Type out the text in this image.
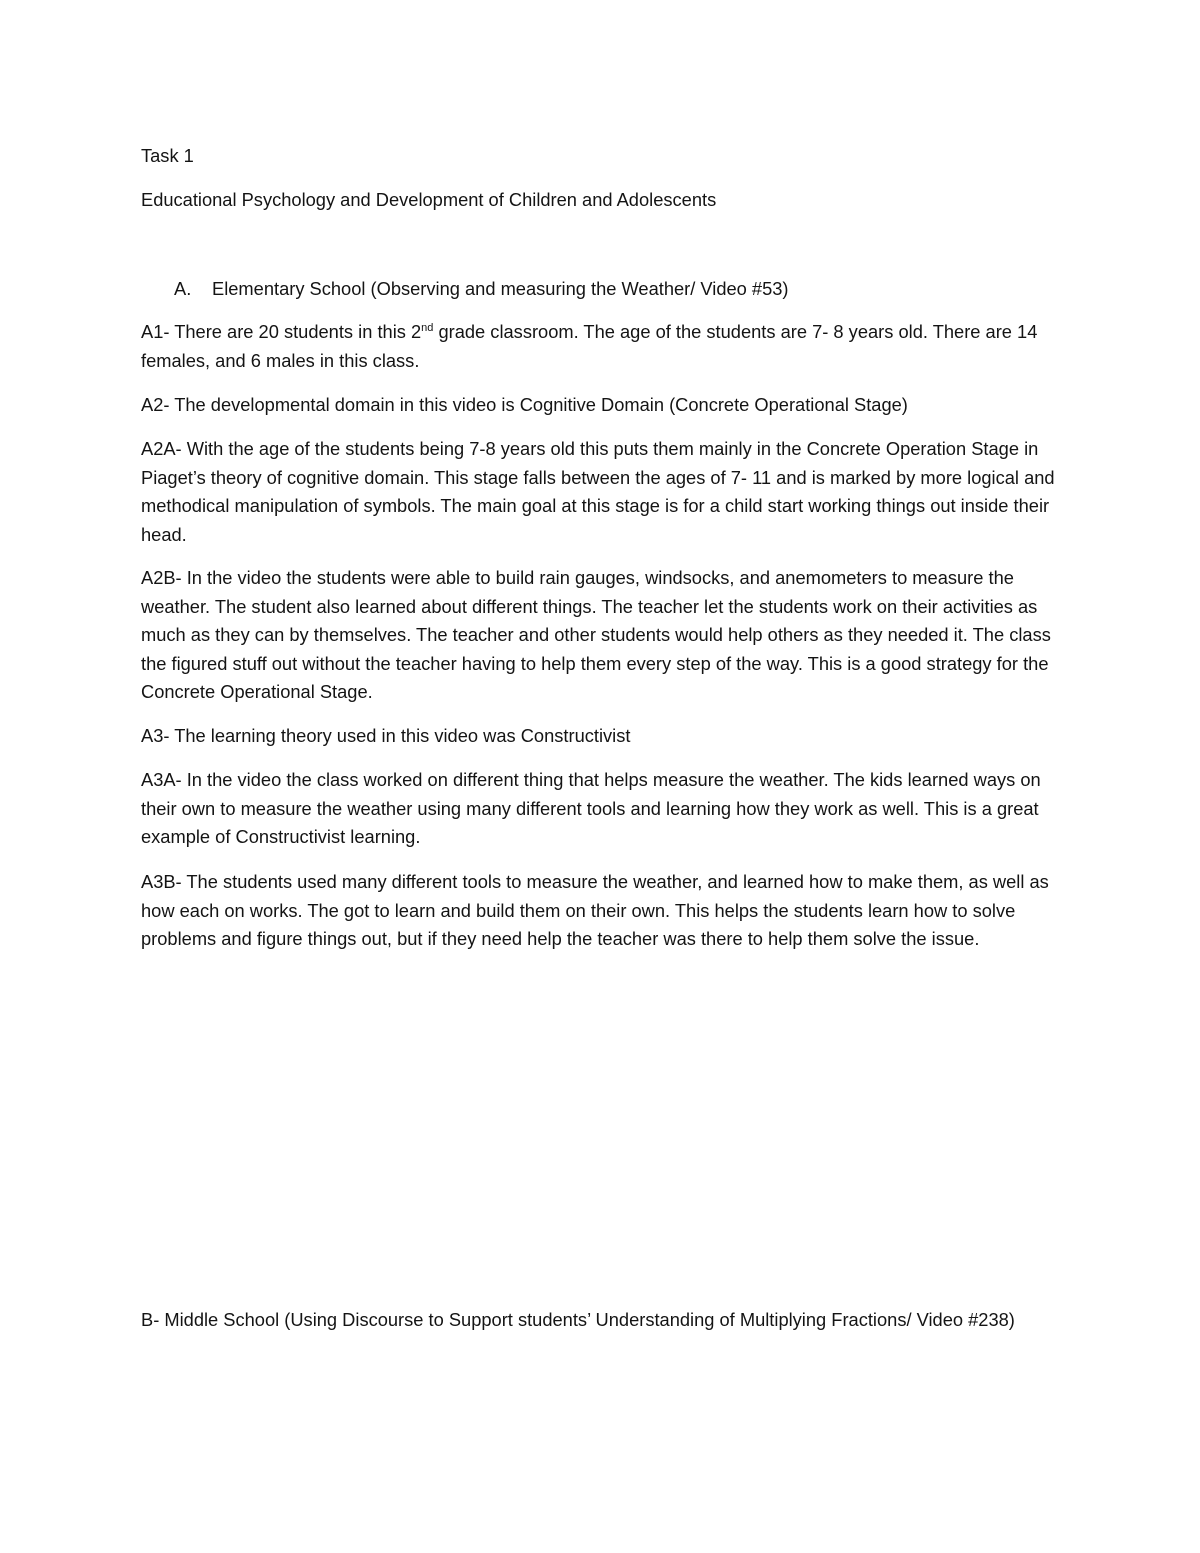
Task 1

Educational Psychology and Development of Children and Adolescents

A. Elementary School (Observing and measuring the Weather/ Video #53)

A1- There are 20 students in this 2nd grade classroom. The age of the students are 7- 8 years old. There are 14 females, and 6 males in this class.

A2- The developmental domain in this video is Cognitive Domain (Concrete Operational Stage)

A2A- With the age of the students being 7-8 years old this puts them mainly in the Concrete Operation Stage in Piaget’s theory of cognitive domain. This stage falls between the ages of 7- 11 and is marked by more logical and methodical manipulation of symbols. The main goal at this stage is for a child start working things out inside their head.

A2B- In the video the students were able to build rain gauges, windsocks, and anemometers to measure the weather. The student also learned about different things. The teacher let the students work on their activities as much as they can by themselves. The teacher and other students would help others as they needed it. The class the figured stuff out without the teacher having to help them every step of the way. This is a good strategy for the Concrete Operational Stage.

A3- The learning theory used in this video was Constructivist

A3A- In the video the class worked on different thing that helps measure the weather. The kids learned ways on their own to measure the weather using many different tools and learning how they work as well. This is a great example of Constructivist learning.

A3B- The students used many different tools to measure the weather, and learned how to make them, as well as how each on works. The got to learn and build them on their own. This helps the students learn how to solve problems and figure things out, but if they need help the teacher was there to help them solve the issue.

B- Middle School (Using Discourse to Support students’ Understanding of Multiplying Fractions/ Video #238)
